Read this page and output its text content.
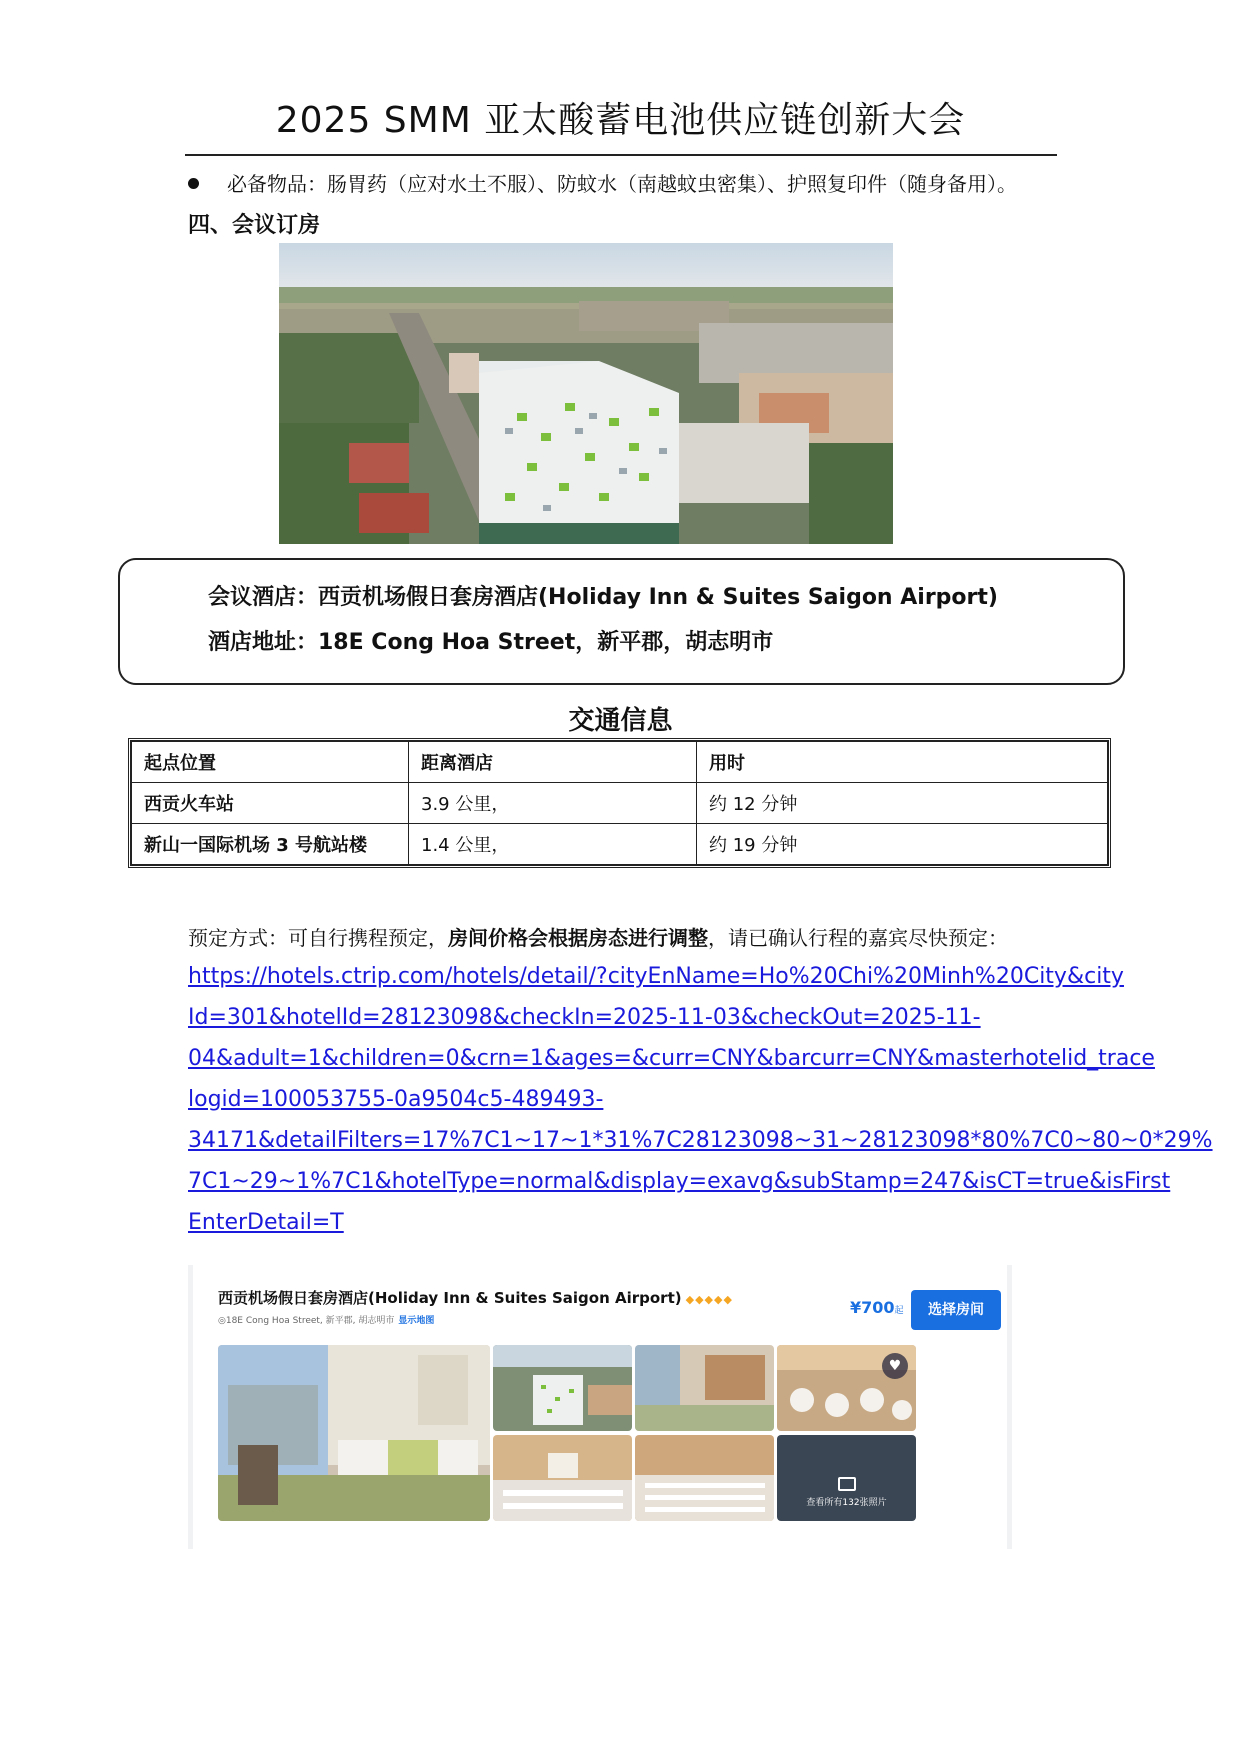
2025 SMM 亚太酸蓄电池供应链创新大会
必备物品：肠胃药（应对水土不服）、防蚊水（南越蚊虫密集）、护照复印件（随身备用）。
四、会议订房
会议酒店：西贡机场假日套房酒店(Holiday Inn & Suites Saigon Airport)
酒店地址：18E Cong Hoa Street，新平郡，胡志明市
交通信息
起点位置	距离酒店	用时
西贡火车站	3.9 公里，	约 12 分钟
新山一国际机场 3 号航站楼	1.4 公里，	约 19 分钟
预定方式：可自行携程预定，房间价格会根据房态进行调整，请已确认行程的嘉宾尽快预定：
https://hotels.ctrip.com/hotels/detail/?cityEnName=Ho%20Chi%20Minh%20City&city
Id=301&hotelId=28123098&checkIn=2025-11-03&checkOut=2025-11-
04&adult=1&children=0&crn=1&ages=&curr=CNY&barcurr=CNY&masterhotelid_trace
logid=100053755-0a9504c5-489493-
34171&detailFilters=17%7C1~17~1*31%7C28123098~31~28123098*80%7C0~80~0*29%
7C1~29~1%7C1&hotelType=normal&display=exavg&subStamp=247&isCT=true&isFirst
EnterDetail=T
西贡机场假日套房酒店(Holiday Inn & Suites Saigon Airport) ◆◆◆◆◆
◎18E Cong Hoa Street, 新平郡, 胡志明市 显示地图
¥700起	选择房间
♥
查看所有132张照片
